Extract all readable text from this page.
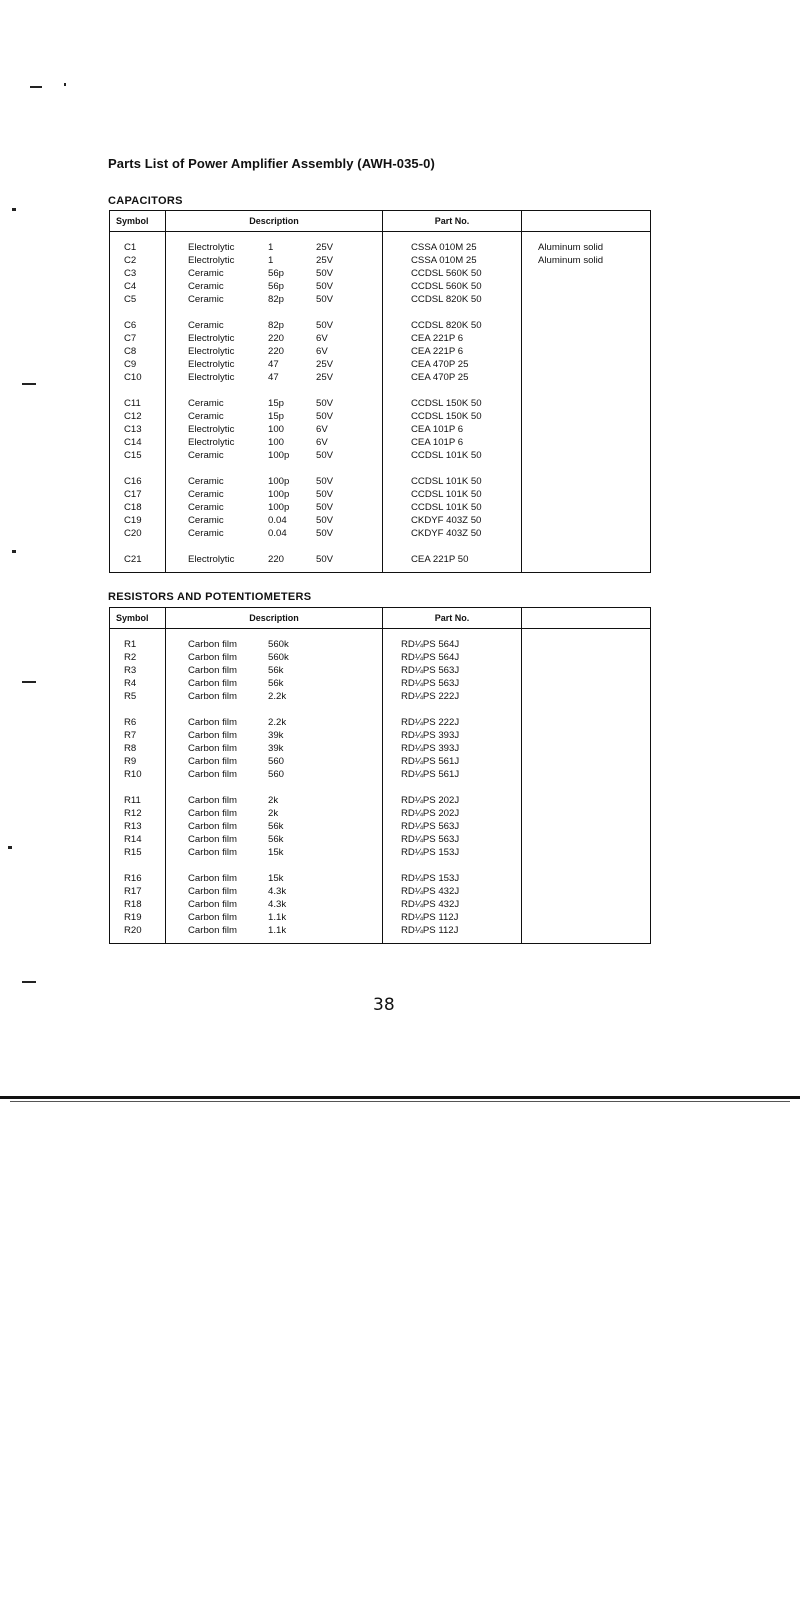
Parts List of Power Amplifier Assembly (AWH-035-0)
CAPACITORS
Symbol	Description	Part No.	

C1	Electrolytic 1 25V	CSSA 010M 25	Aluminum solid
C2	Electrolytic 1 25V	CSSA 010M 25	Aluminum solid
C3	Ceramic 56p 50V	CCDSL 560K 50	
C4	Ceramic 56p 50V	CCDSL 560K 50	
C5	Ceramic 82p 50V	CCDSL 820K 50	

C6	Ceramic 82p 50V	CCDSL 820K 50	
C7	Electrolytic 220 6V	CEA 221P 6	
C8	Electrolytic 220 6V	CEA 221P 6	
C9	Electrolytic 47 25V	CEA 470P 25	
C10	Electrolytic 47 25V	CEA 470P 25	

C11	Ceramic 15p 50V	CCDSL 150K 50	
C12	Ceramic 15p 50V	CCDSL 150K 50	
C13	Electrolytic 100 6V	CEA 101P 6	
C14	Electrolytic 100 6V	CEA 101P 6	
C15	Ceramic 100p 50V	CCDSL 101K 50	

C16	Ceramic 100p 50V	CCDSL 101K 50	
C17	Ceramic 100p 50V	CCDSL 101K 50	
C18	Ceramic 100p 50V	CCDSL 101K 50	
C19	Ceramic 0.04 50V	CKDYF 403Z 50	
C20	Ceramic 0.04 50V	CKDYF 403Z 50	

C21	Electrolytic 220 50V	CEA 221P 50	

RESISTORS AND POTENTIOMETERS
Symbol	Description	Part No.	

R1	Carbon film 560k	RD¼PS 564J	
R2	Carbon film 560k	RD¼PS 564J	
R3	Carbon film 56k	RD¼PS 563J	
R4	Carbon film 56k	RD¼PS 563J	
R5	Carbon film 2.2k	RD¼PS 222J	

R6	Carbon film 2.2k	RD¼PS 222J	
R7	Carbon film 39k	RD¼PS 393J	
R8	Carbon film 39k	RD¼PS 393J	
R9	Carbon film 560	RD¼PS 561J	
R10	Carbon film 560	RD¼PS 561J	

R11	Carbon film 2k	RD¼PS 202J	
R12	Carbon film 2k	RD¼PS 202J	
R13	Carbon film 56k	RD¼PS 563J	
R14	Carbon film 56k	RD¼PS 563J	
R15	Carbon film 15k	RD¼PS 153J	

R16	Carbon film 15k	RD¼PS 153J	
R17	Carbon film 4.3k	RD¼PS 432J	
R18	Carbon film 4.3k	RD¼PS 432J	
R19	Carbon film 1.1k	RD¼PS 112J	
R20	Carbon film 1.1k	RD¼PS 112J	

38
